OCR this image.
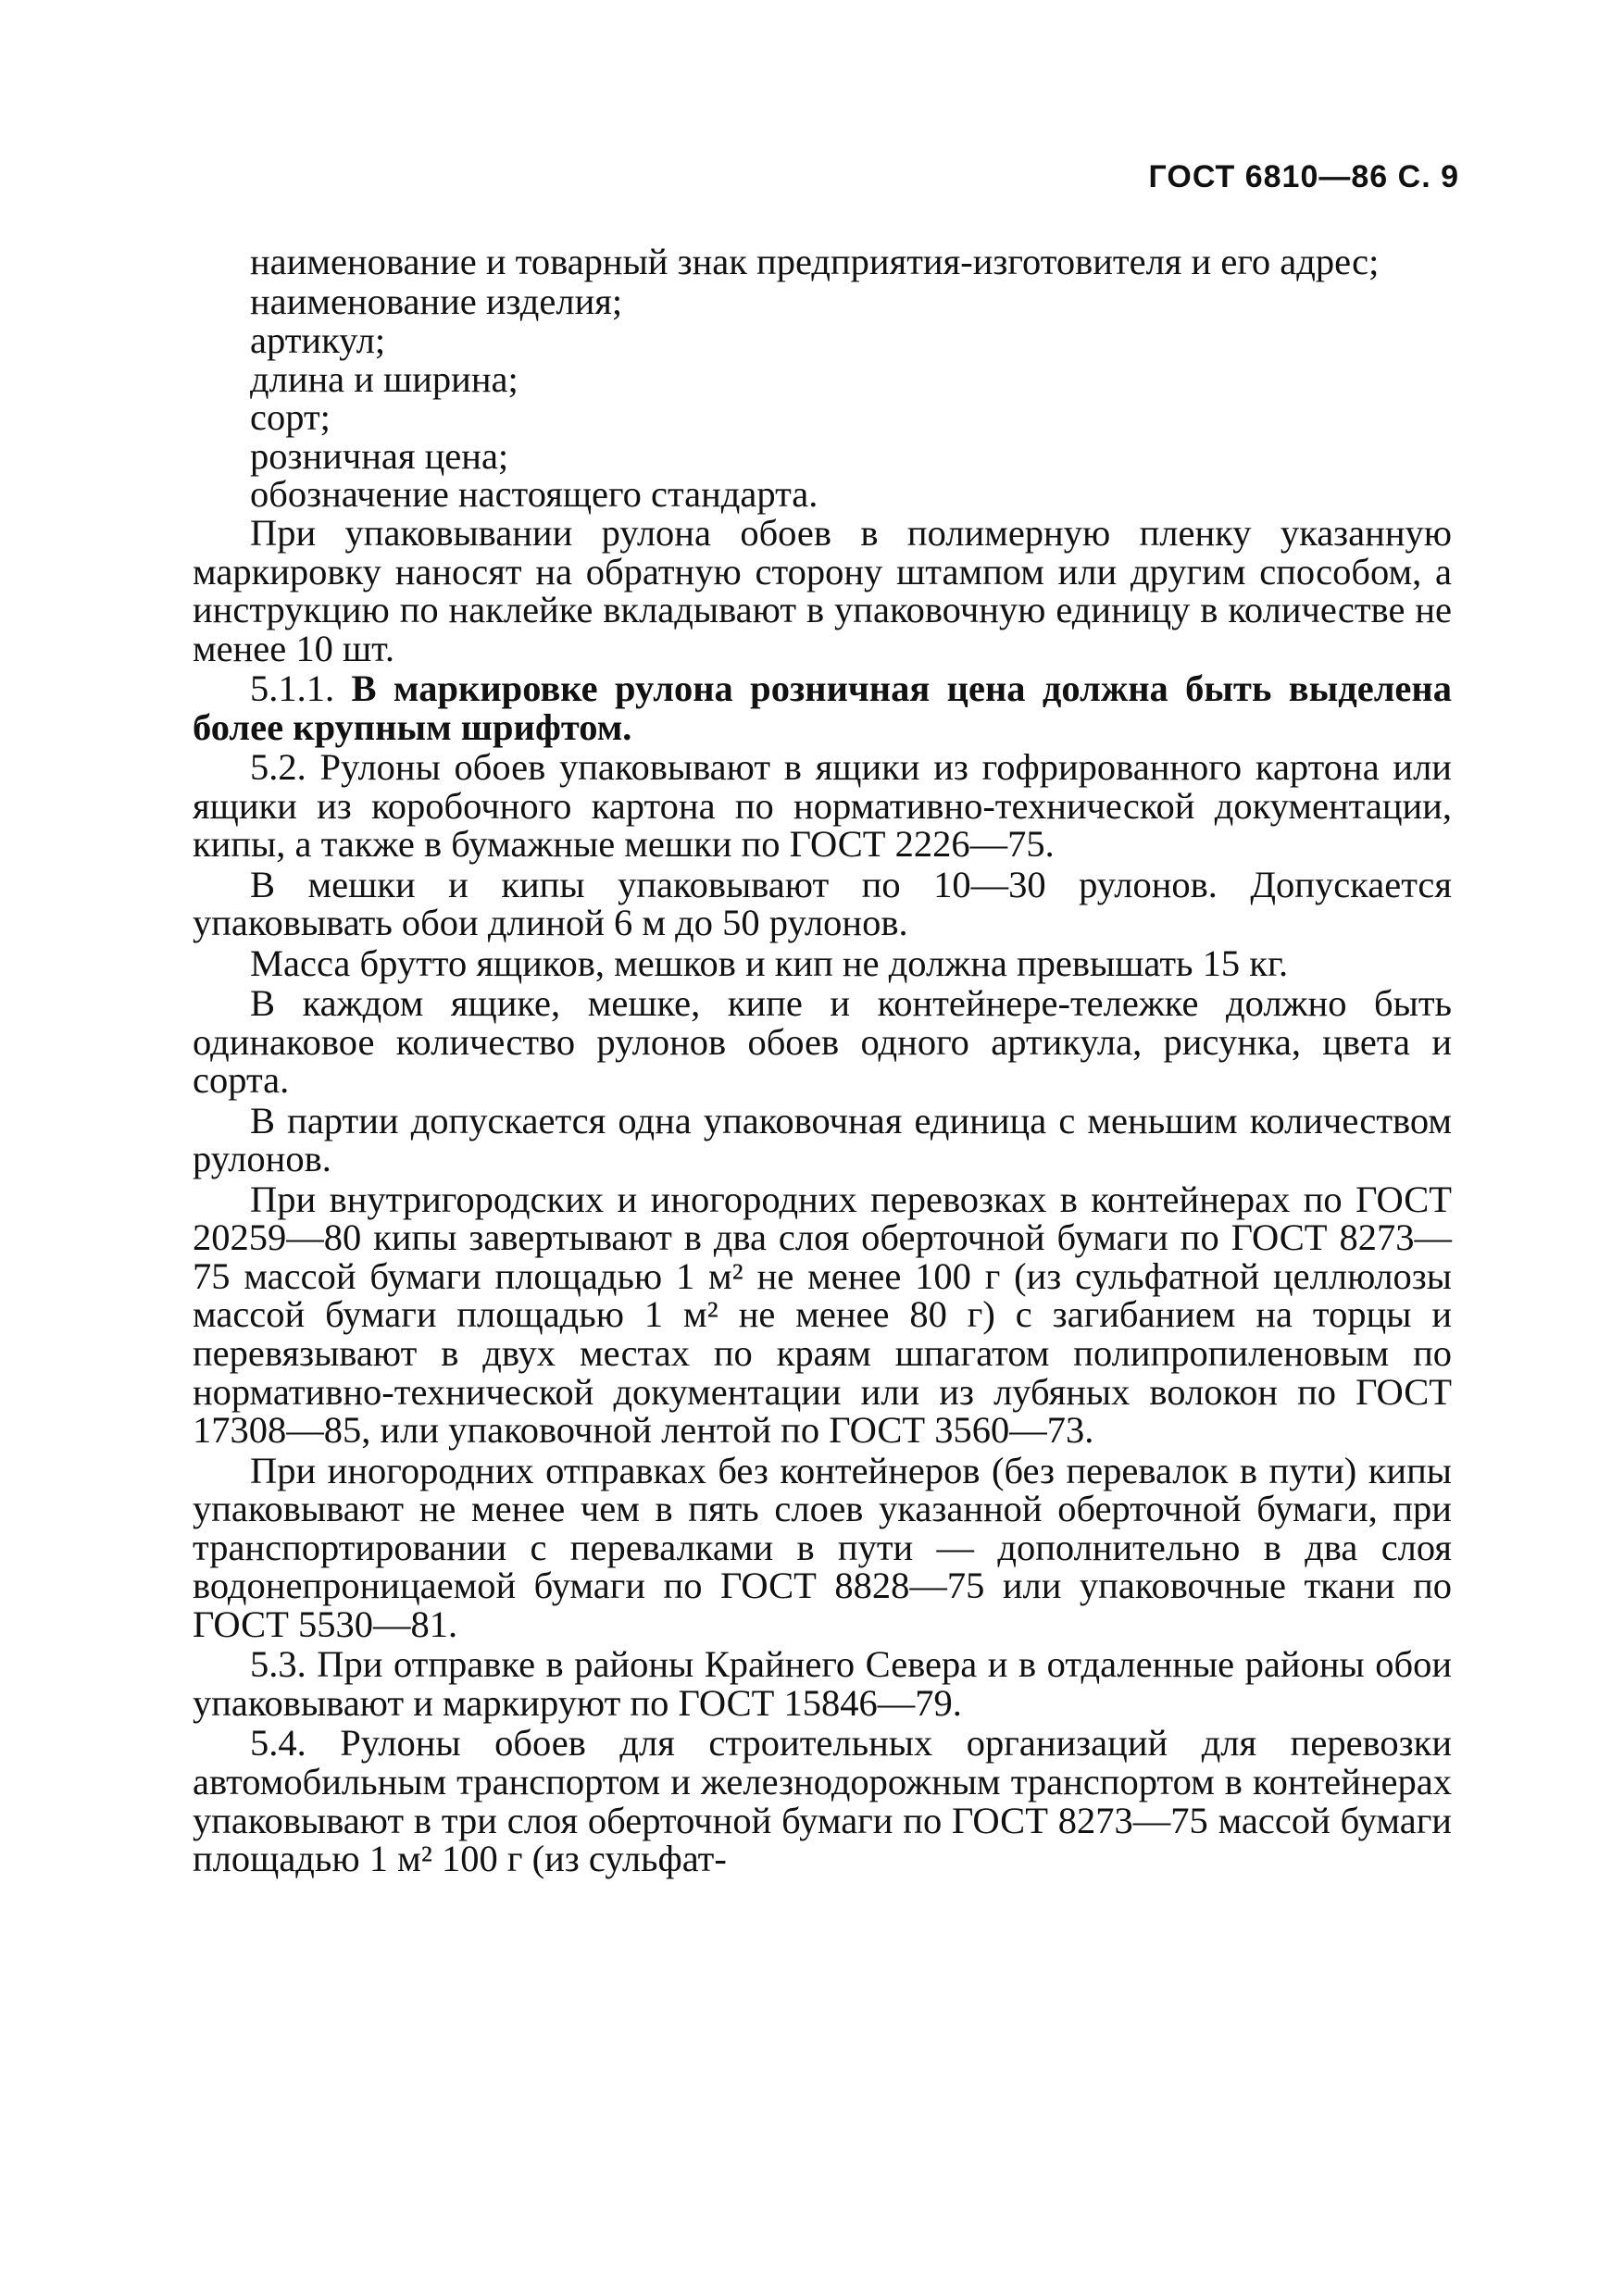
ГОСТ 6810—86 С. 9

наименование и товарный знак предприятия-изготовителя и его адрес;

наименование изделия;

артикул;

длина и ширина;

сорт;

розничная цена;

обозначение настоящего стандарта.

При упаковывании рулона обоев в полимерную пленку указанную маркировку наносят на обратную сторону штампом или другим способом, а инструкцию по наклейке вкладывают в упаковочную единицу в количестве не менее 10 шт.

5.1.1. В маркировке рулона розничная цена должна быть выделена более крупным шрифтом.

5.2. Рулоны обоев упаковывают в ящики из гофрированного картона или ящики из коробочного картона по нормативно-технической документации, кипы, а также в бумажные мешки по ГОСТ 2226—75.

В мешки и кипы упаковывают по 10—30 рулонов. Допускается упаковывать обои длиной 6 м до 50 рулонов.

Масса брутто ящиков, мешков и кип не должна превышать 15 кг.

В каждом ящике, мешке, кипе и контейнере-тележке должно быть одинаковое количество рулонов обоев одного артикула, рисунка, цвета и сорта.

В партии допускается одна упаковочная единица с меньшим количеством рулонов.

При внутригородских и иногородних перевозках в контейнерах по ГОСТ 20259—80 кипы завертывают в два слоя оберточной бумаги по ГОСТ 8273—75 массой бумаги площадью 1 м² не менее 100 г (из сульфатной целлюлозы массой бумаги площадью 1 м² не менее 80 г) с загибанием на торцы и перевязывают в двух местах по краям шпагатом полипропиленовым по нормативно-технической документации или из лубяных волокон по ГОСТ 17308—85, или упаковочной лентой по ГОСТ 3560—73.

При иногородних отправках без контейнеров (без перевалок в пути) кипы упаковывают не менее чем в пять слоев указанной оберточной бумаги, при транспортировании с перевалками в пути — дополнительно в два слоя водонепроницаемой бумаги по ГОСТ 8828—75 или упаковочные ткани по ГОСТ 5530—81.

5.3. При отправке в районы Крайнего Севера и в отдаленные районы обои упаковывают и маркируют по ГОСТ 15846—79.

5.4. Рулоны обоев для строительных организаций для перевозки автомобильным транспортом и железнодорожным транспортом в контейнерах упаковывают в три слоя оберточной бумаги по ГОСТ 8273—75 массой бумаги площадью 1 м² 100 г (из сульфат-
